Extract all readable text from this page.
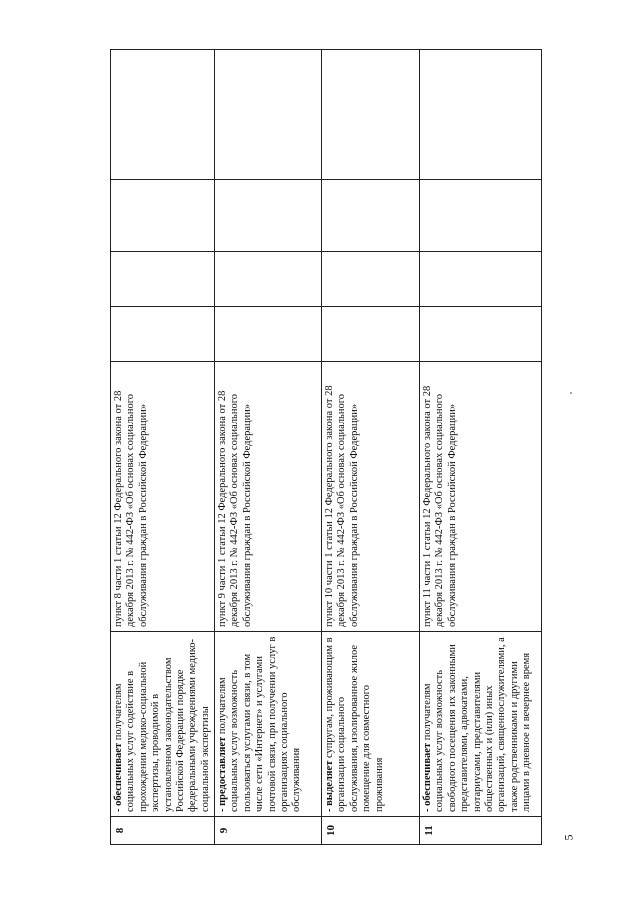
8	- обеспечивает получателям социальных услуг содействие в прохождении медико-социальной экспертизы, проводимой в установленном законодательством Российской Федерации порядке федеральными учреждениями медико-социальной экспертизы	пункт 8 части 1 статьи 12 Федерального закона от 28 декабря 2013 г. № 442-ФЗ «Об основах социального обслуживания граждан в Российской Федерации»				
9	- предоставляет получателям социальных услуг возможность пользоваться услугами связи, в том числе сети «Интернет» и услугами почтовой связи, при получении услуг в организациях социального обслуживания	пункт 9 части 1 статьи 12 Федерального закона от 28 декабря 2013 г. № 442-ФЗ «Об основах социального обслуживания граждан в Российской Федерации»				
10	- выделяет супругам, проживающим в организации социального обслуживания, изолированное жилое помещение для совместного проживания	пункт 10 части 1 статьи 12 Федерального закона от 28 декабря 2013 г. № 442-ФЗ «Об основах социального обслуживания граждан в Российской Федерации»				
11	- обеспечивает получателям социальных услуг возможность свободного посещения их законными представителями, адвокатами, нотариусами, представителями общественных и (или) иных организаций, священнослужителями, а также родственниками и другими лицами в дневное и вечернее время	пункт 11 части 1 статьи 12 Федерального закона от 28 декабря 2013 г. № 442-ФЗ «Об основах социального обслуживания граждан в Российской Федерации»				
5
